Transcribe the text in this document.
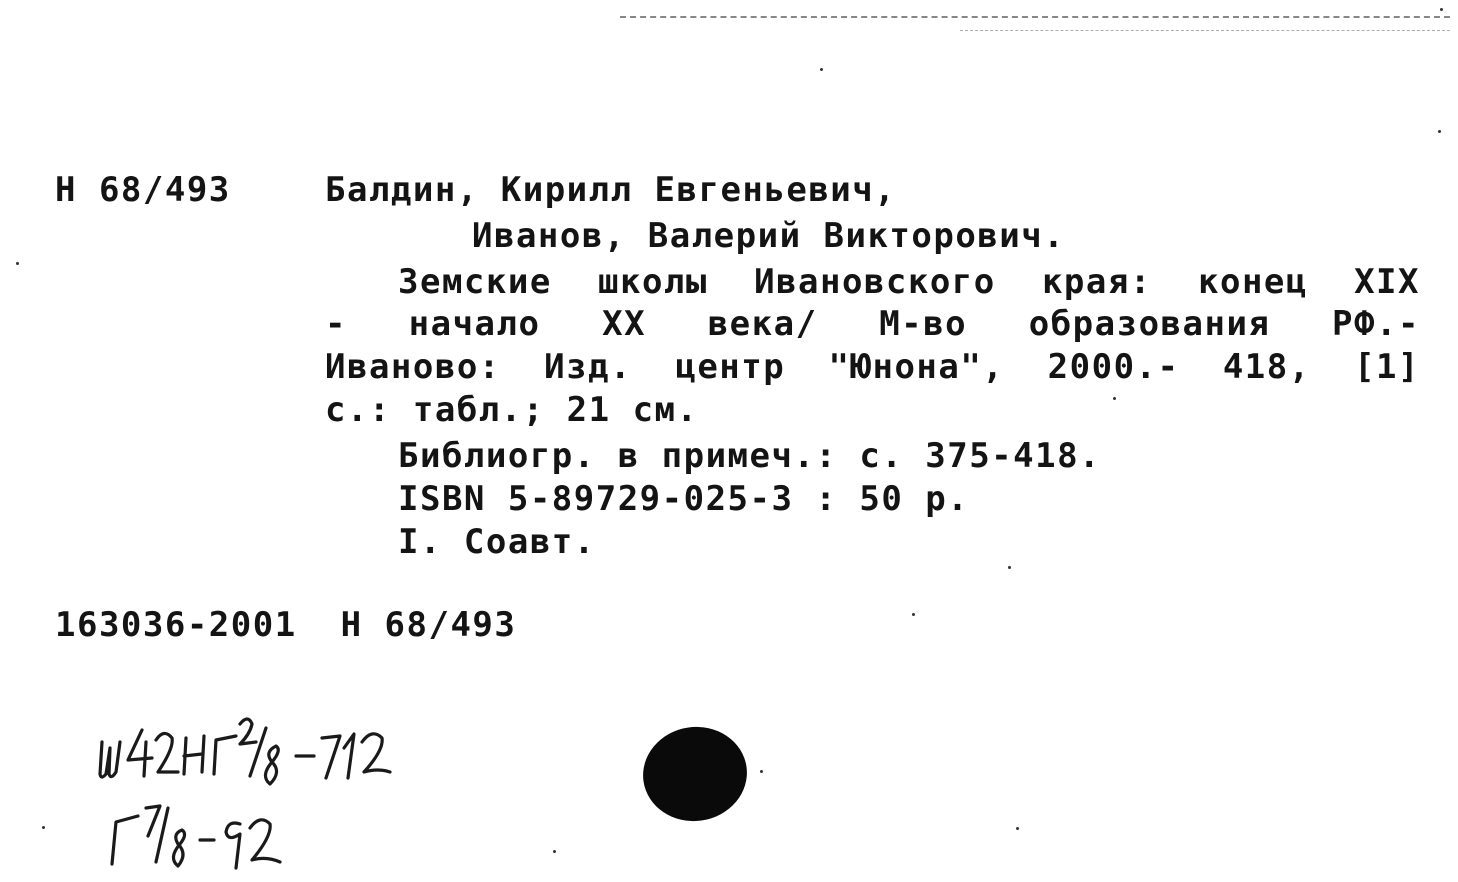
Н 68/493	Балдин, Кирилл Евгеньевич,
Иванов, Валерий Викторович.
Земские школы Ивановского края: конец XIX
- начало XX века/ М-во образования РФ.-
Иваново: Изд. центр "Юнона", 2000.- 418, [1]
с.: табл.; 21 см.
Библиогр. в примеч.: с. 375-418.
ISBN 5-89729-025-3 : 50 р.
I. Соавт.
163036-2001  Н 68/493
